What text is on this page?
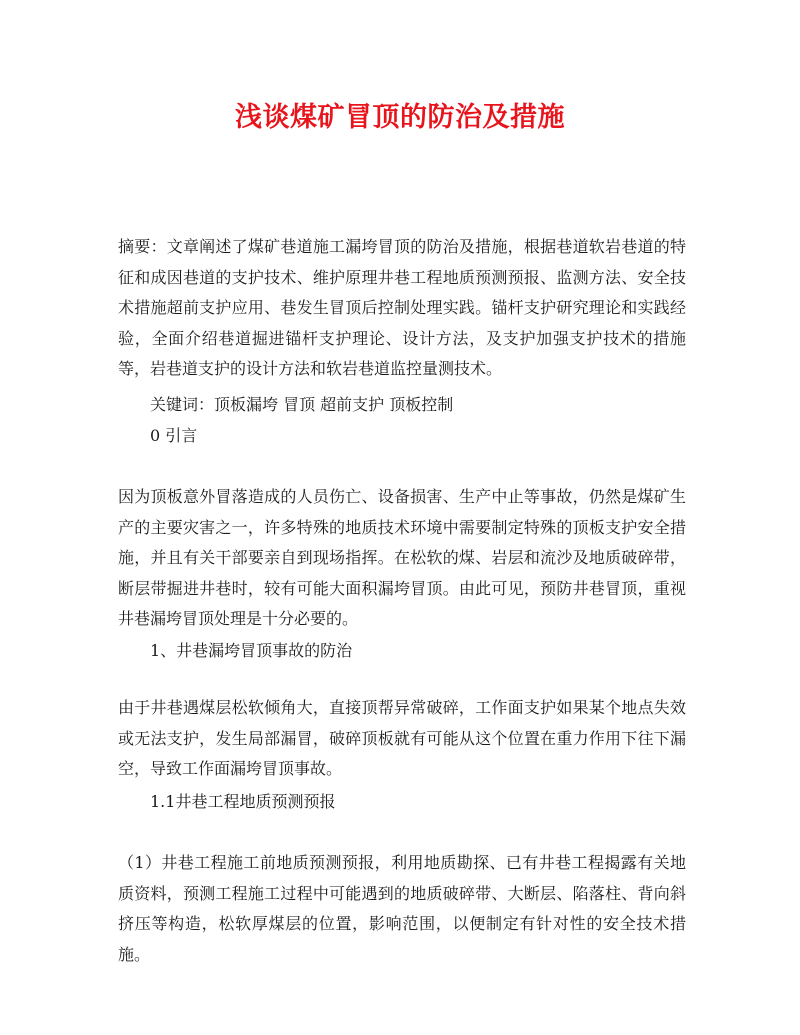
浅谈煤矿冒顶的防治及措施
摘要：文章阐述了煤矿巷道施工漏垮冒顶的防治及措施，根据巷道软岩巷道的特征和成因巷道的支护技术、维护原理井巷工程地质预测预报、监测方法、安全技术措施超前支护应用、巷发生冒顶后控制处理实践。锚杆支护研究理论和实践经验，全面介绍巷道掘进锚杆支护理论、设计方法，及支护加强支护技术的措施等，岩巷道支护的设计方法和软岩巷道监控量测技术。
关键词：顶板漏垮 冒顶 超前支护 顶板控制
0 引言
因为顶板意外冒落造成的人员伤亡、设备损害、生产中止等事故，仍然是煤矿生产的主要灾害之一，许多特殊的地质技术环境中需要制定特殊的顶板支护安全措施，并且有关干部要亲自到现场指挥。在松软的煤、岩层和流沙及地质破碎带，断层带掘进井巷时，较有可能大面积漏垮冒顶。由此可见，预防井巷冒顶，重视井巷漏垮冒顶处理是十分必要的。
1、井巷漏垮冒顶事故的防治
由于井巷遇煤层松软倾角大，直接顶帮异常破碎，工作面支护如果某个地点失效或无法支护，发生局部漏冒，破碎顶板就有可能从这个位置在重力作用下往下漏空，导致工作面漏垮冒顶事故。
1.1井巷工程地质预测预报
（1）井巷工程施工前地质预测预报，利用地质勘探、已有井巷工程揭露有关地质资料，预测工程施工过程中可能遇到的地质破碎带、大断层、陷落柱、背向斜挤压等构造，松软厚煤层的位置，影响范围，以便制定有针对性的安全技术措施。
